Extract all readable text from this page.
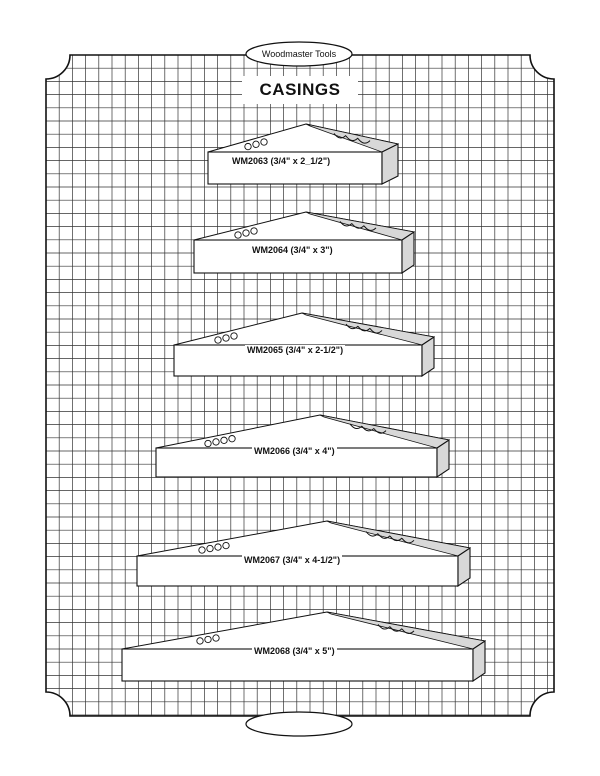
Woodmaster Tools
CASINGS
WM2063 (3/4" x 2_1/2")
WM2064 (3/4" x 3")
WM2065 (3/4" x 2-1/2")
WM2066 (3/4" x 4")
WM2067 (3/4" x 4-1/2")
WM2068 (3/4" x 5")
